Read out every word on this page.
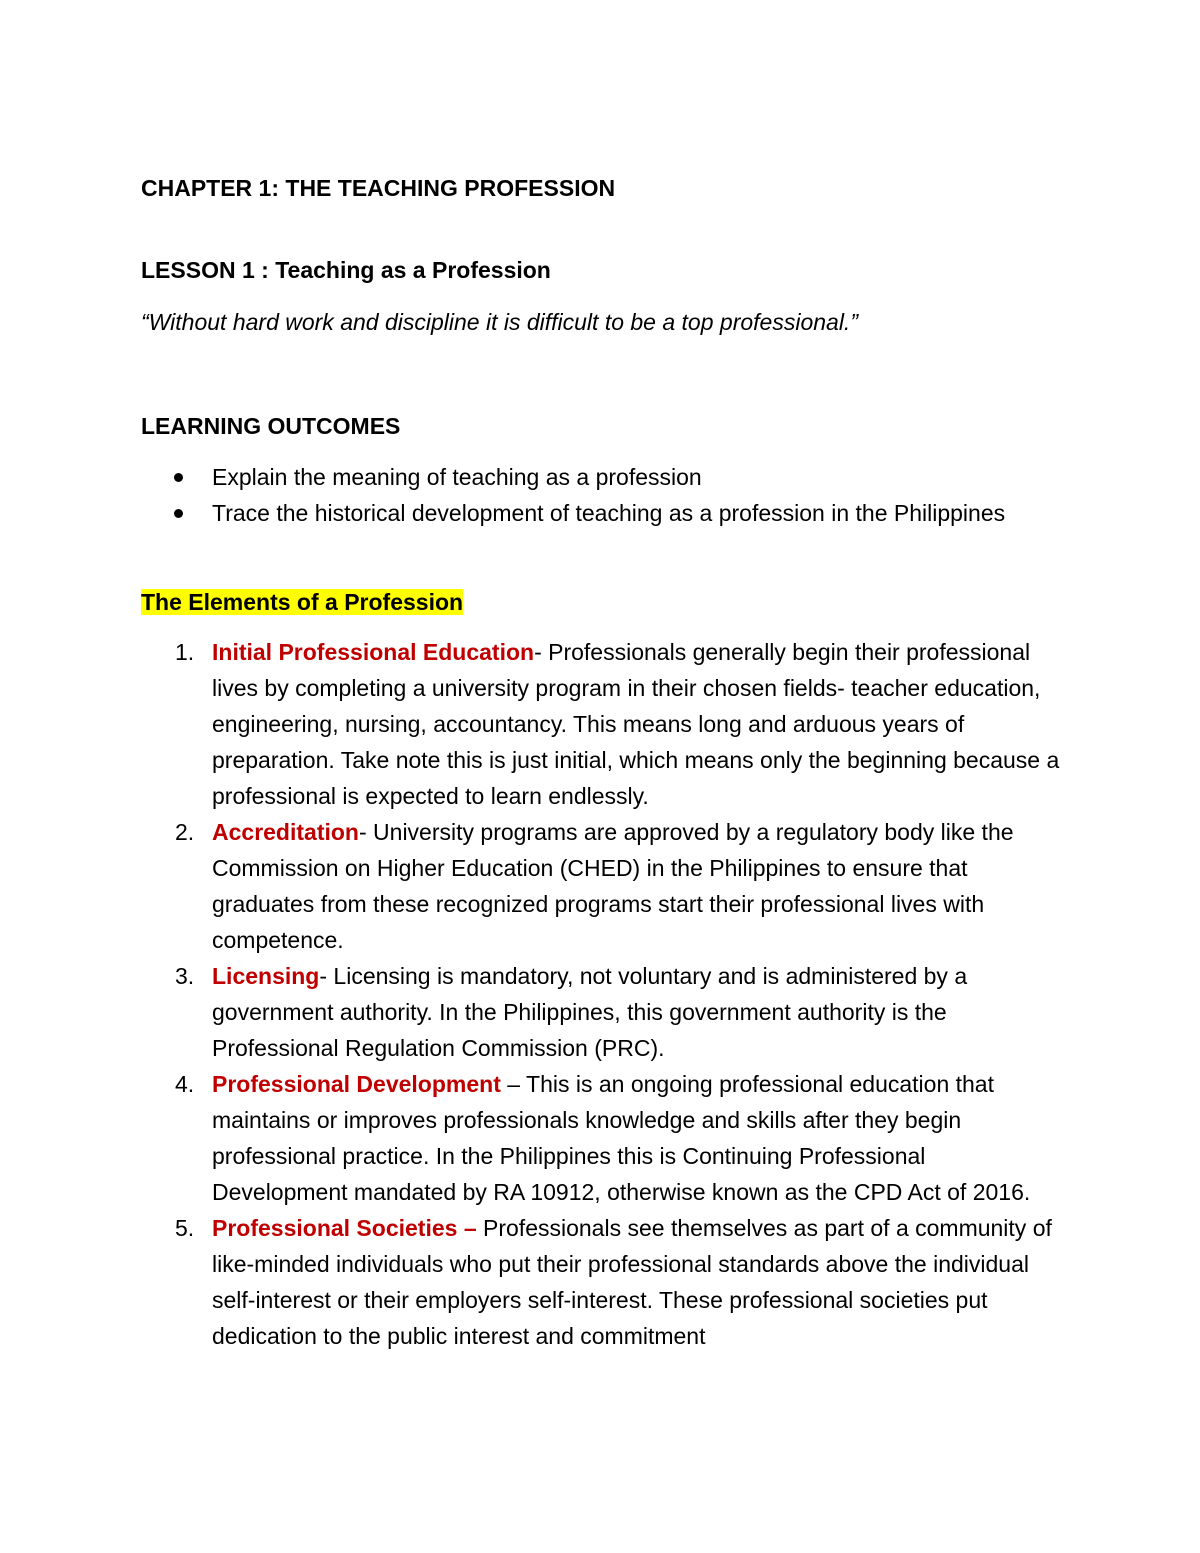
CHAPTER 1: THE TEACHING PROFESSION

LESSON 1 : Teaching as a Profession

“Without hard work and discipline it is difficult to be a top professional.”

LEARNING OUTCOMES

Explain the meaning of teaching as a profession
Trace the historical development of teaching as a profession in the Philippines

The Elements of a Profession

1. Initial Professional Education- Professionals generally begin their professional lives by completing a university program in their chosen fields- teacher education, engineering, nursing, accountancy. This means long and arduous years of preparation. Take note this is just initial, which means only the beginning because a professional is expected to learn endlessly.
2. Accreditation- University programs are approved by a regulatory body like the Commission on Higher Education (CHED) in the Philippines to ensure that graduates from these recognized programs start their professional lives with competence.
3. Licensing- Licensing is mandatory, not voluntary and is administered by a government authority. In the Philippines, this government authority is the Professional Regulation Commission (PRC).
4. Professional Development – This is an ongoing professional education that maintains or improves professionals knowledge and skills after they begin professional practice. In the Philippines this is Continuing Professional Development mandated by RA 10912, otherwise known as the CPD Act of 2016.
5. Professional Societies – Professionals see themselves as part of a community of like-minded individuals who put their professional standards above the individual self-interest or their employers self-interest. These professional societies put dedication to the public interest and commitment
